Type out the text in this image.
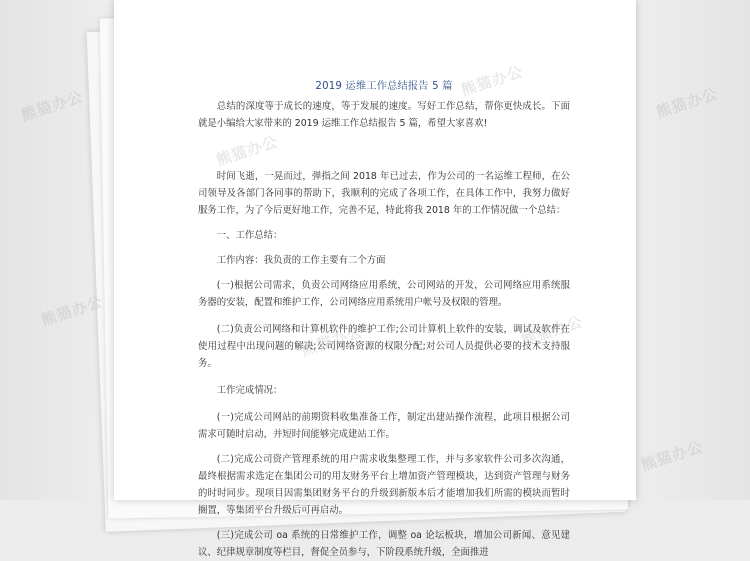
2019 运维工作总结报告 5 篇

总结的深度等于成长的速度，等于发展的速度。写好工作总结，帮你更快成长。下面就是小编给大家带来的 2019 运维工作总结报告 5 篇，希望大家喜欢!

时间飞逝，一晃而过，弹指之间 2018 年已过去，作为公司的一名运维工程师，在公司领导及各部门各同事的帮助下，我顺利的完成了各项工作，在具体工作中，我努力做好服务工作，为了今后更好地工作，完善不足，特此将我 2018 年的工作情况做一个总结：

一、工作总结：

工作内容：我负责的工作主要有二个方面

(一)根据公司需求，负责公司网络应用系统，公司网站的开发，公司网络应用系统服务器的安装，配置和维护工作，公司网络应用系统用户帐号及权限的管理。

(二)负责公司网络和计算机软件的维护工作;公司计算机上软件的安装，调试及软件在使用过程中出现问题的解决;公司网络资源的权限分配;对公司人员提供必要的技术支持服务。

工作完成情况：

(一)完成公司网站的前期资料收集准备工作，制定出建站操作流程，此项目根据公司需求可随时启动，并短时间能够完成建站工作。

(二)完成公司资产管理系统的用户需求收集整理工作，并与多家软件公司多次沟通，最终根据需求选定在集团公司的用友财务平台上增加资产管理模块，达到资产管理与财务的时时同步。现项目因需集团财务平台的升级到新版本后才能增加我们所需的模块而暂时搁置，等集团平台升级后可再启动。

(三)完成公司 oa 系统的日常维护工作，调整 oa 论坛板块，增加公司新闻、意见建议、纪律规章制度等栏目，督促全员参与，下阶段系统升级，全面推进

熊猫办公
熊猫办公
熊猫办公
熊猫办公
熊猫办公
熊猫办公	熊猫办公
熊猫办公
